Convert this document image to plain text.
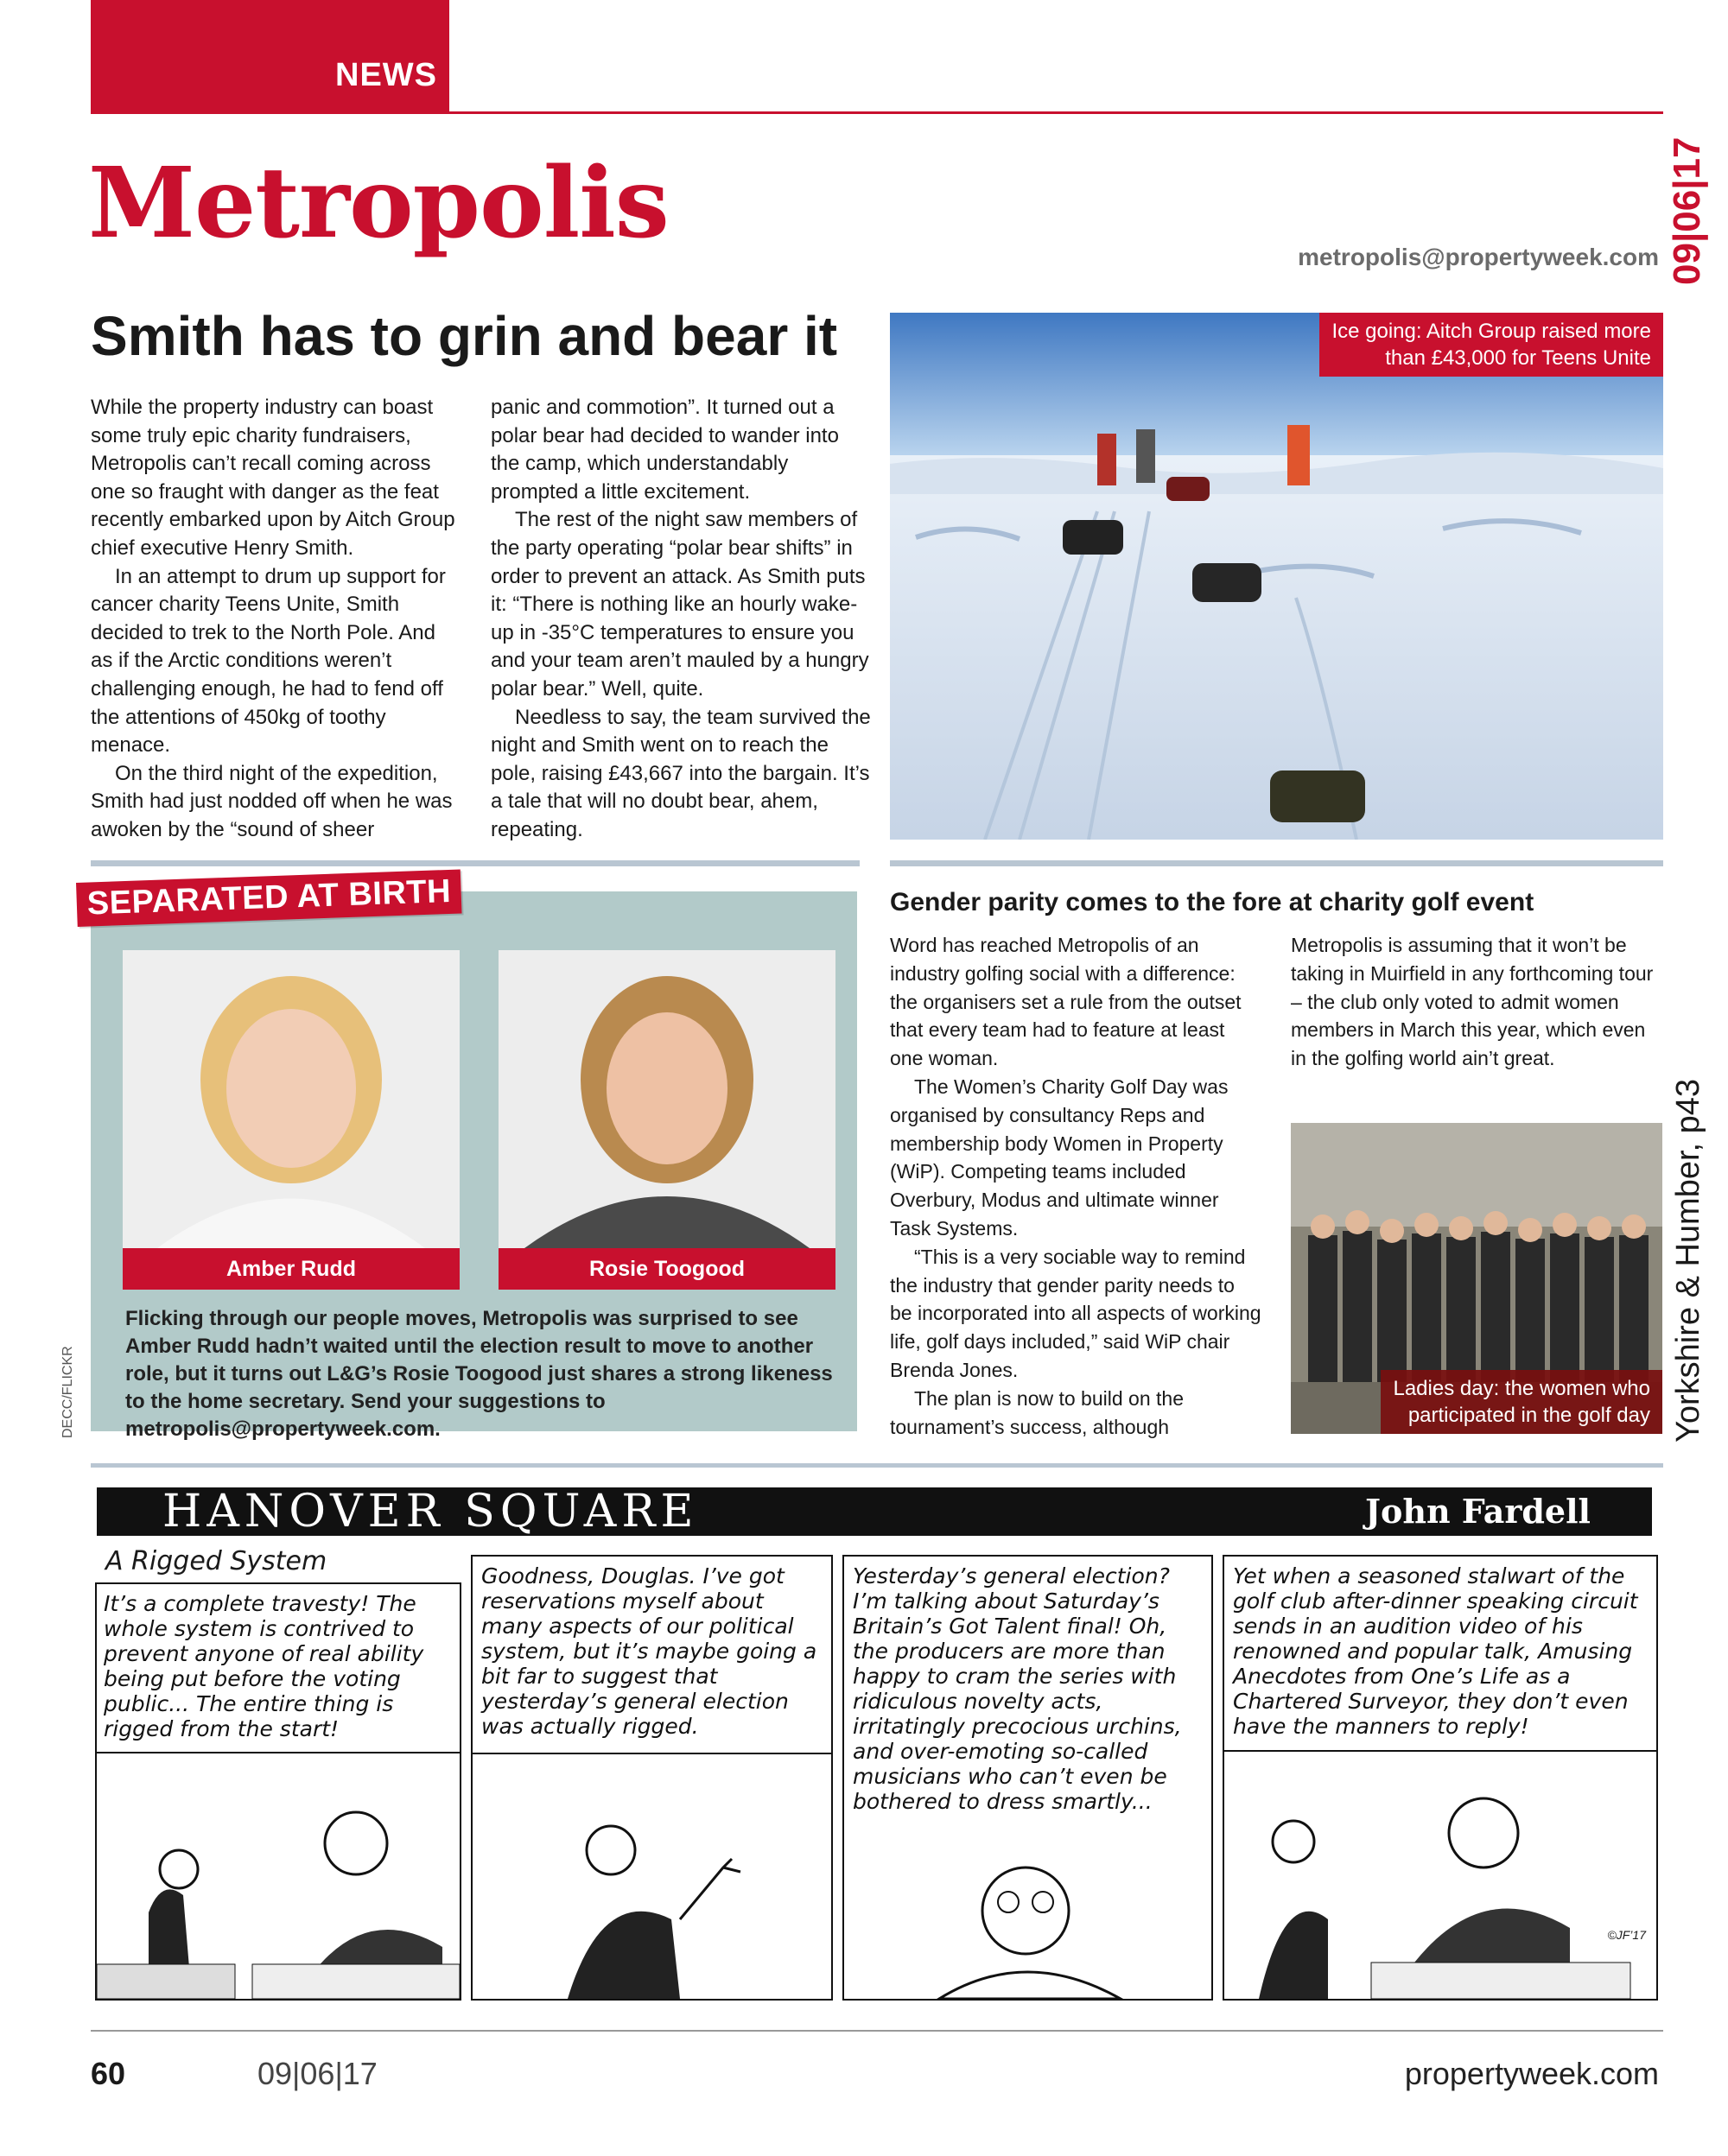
NEWS
Metropolis	09|06|17
metropolis@propertyweek.com
Smith has to grin and bear it

While the property industry can boast some truly epic charity fundraisers, Metropolis can’t recall coming across one so fraught with danger as the feat recently embarked upon by Aitch Group chief executive Henry Smith.

In an attempt to drum up support for cancer charity Teens Unite, Smith decided to trek to the North Pole. And as if the Arctic conditions weren’t challenging enough, he had to fend off the attentions of 450kg of toothy menace.

On the third night of the expedition, Smith had just nodded off when he was awoken by the “sound of sheer

panic and commotion”. It turned out a polar bear had decided to wander into the camp, which understandably prompted a little excitement.

The rest of the night saw members of the party operating “polar bear shifts” in order to prevent an attack. As Smith puts it: “There is nothing like an hourly wake-up in -35°C temperatures to ensure you and your team aren’t mauled by a hungry polar bear.” Well, quite.

Needless to say, the team survived the night and Smith went on to reach the pole, raising £43,667 into the bargain. It’s a tale that will no doubt bear, ahem, repeating.

Ice going: Aitch Group raised more
than £43,000 for Teens Unite
SEPARATED AT BIRTH
Amber Rudd	Rosie Toogood
Flicking through our people moves, Metropolis was surprised to see Amber Rudd hadn’t waited until the election result to move to another role, but it turns out L&G’s Rosie Toogood just shares a strong likeness to the home secretary. Send your suggestions to metropolis@propertyweek.com.
DECC/FLICKR
Gender parity comes to the fore at charity golf event

Word has reached Metropolis of an industry golfing social with a difference: the organisers set a rule from the outset that every team had to feature at least one woman.

The Women’s Charity Golf Day was organised by consultancy Reps and membership body Women in Property (WiP). Competing teams included Overbury, Modus and ultimate winner Task Systems.

“This is a very sociable way to remind the industry that gender parity needs to be incorporated into all aspects of working life, golf days included,” said WiP chair Brenda Jones.

The plan is now to build on the tournament’s success, although

Metropolis is assuming that it won’t be taking in Muirfield in any forthcoming tour – the club only voted to admit women members in March this year, which even in the golfing world ain’t great.

Ladies day: the women who
participated in the golf day Yorkshire & Humber, p43
HANOVER SQUARE	John Fardell
A Rigged System
It’s a complete travesty! The whole system is contrived to prevent anyone of real ability being put before the voting public... The entire thing is rigged from the start!
Goodness, Douglas. I’ve got reservations myself about many aspects of our political system, but it’s maybe going a bit far to suggest that yesterday’s general election was actually rigged.
Yesterday’s general election? I’m talking about Saturday’s Britain’s Got Talent final! Oh, the producers are more than happy to cram the series with ridiculous novelty acts, irritatingly precocious urchins, and over-emoting so-called musicians who can’t even be bothered to dress smartly...
Yet when a seasoned stalwart of the golf club after-dinner speaking circuit sends in an audition video of his renowned and popular talk, Amusing Anecdotes from One’s Life as a Chartered Surveyor, they don’t even have the manners to reply!
©JF’17
60	09|06|17	propertyweek.com
